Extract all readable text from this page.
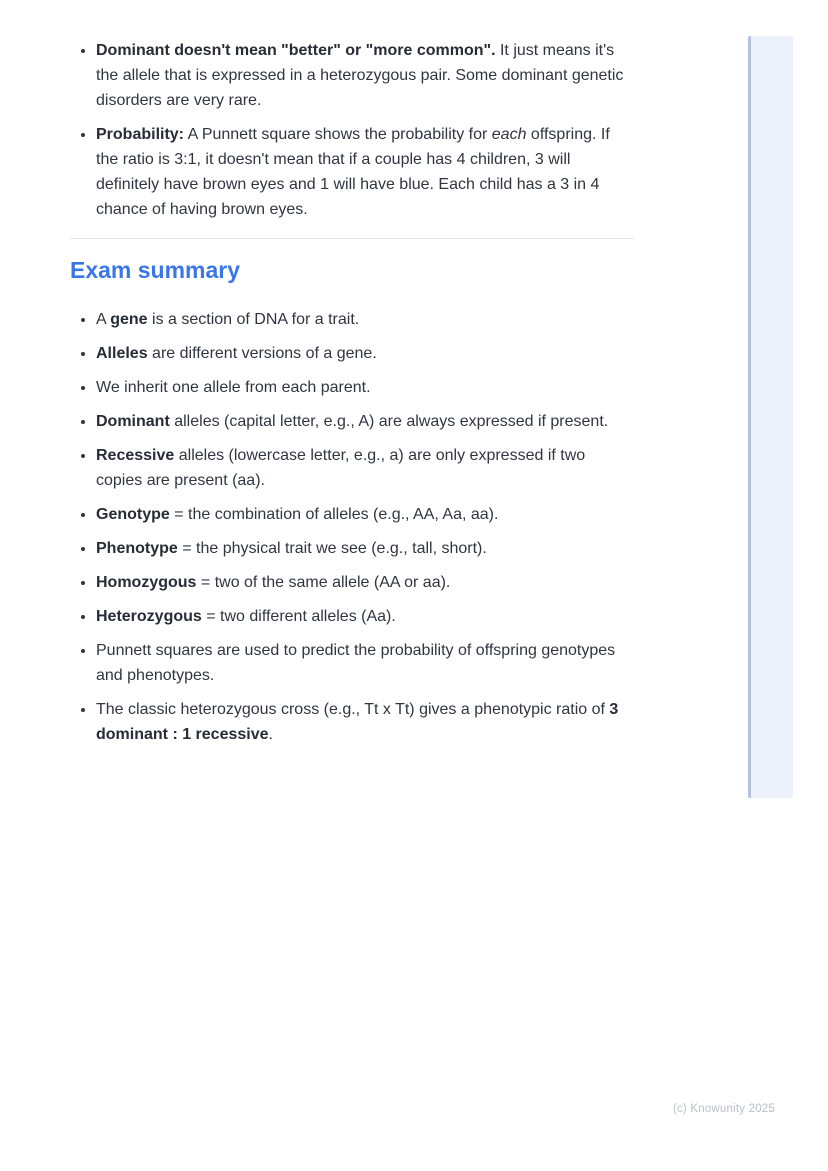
• Dominant doesn't mean "better" or "more common". It just means it's the allele that is expressed in a heterozygous pair. Some dominant genetic disorders are very rare.
• Probability: A Punnett square shows the probability for each offspring. If the ratio is 3:1, it doesn't mean that if a couple has 4 children, 3 will definitely have brown eyes and 1 will have blue. Each child has a 3 in 4 chance of having brown eyes.
Exam summary
• A gene is a section of DNA for a trait.
• Alleles are different versions of a gene.
• We inherit one allele from each parent.
• Dominant alleles (capital letter, e.g., A) are always expressed if present.
• Recessive alleles (lowercase letter, e.g., a) are only expressed if two copies are present (aa).
• Genotype = the combination of alleles (e.g., AA, Aa, aa).
• Phenotype = the physical trait we see (e.g., tall, short).
• Homozygous = two of the same allele (AA or aa).
• Heterozygous = two different alleles (Aa).
• Punnett squares are used to predict the probability of offspring genotypes and phenotypes.
• The classic heterozygous cross (e.g., Tt x Tt) gives a phenotypic ratio of 3 dominant : 1 recessive.
(c) Knowunity 2025
